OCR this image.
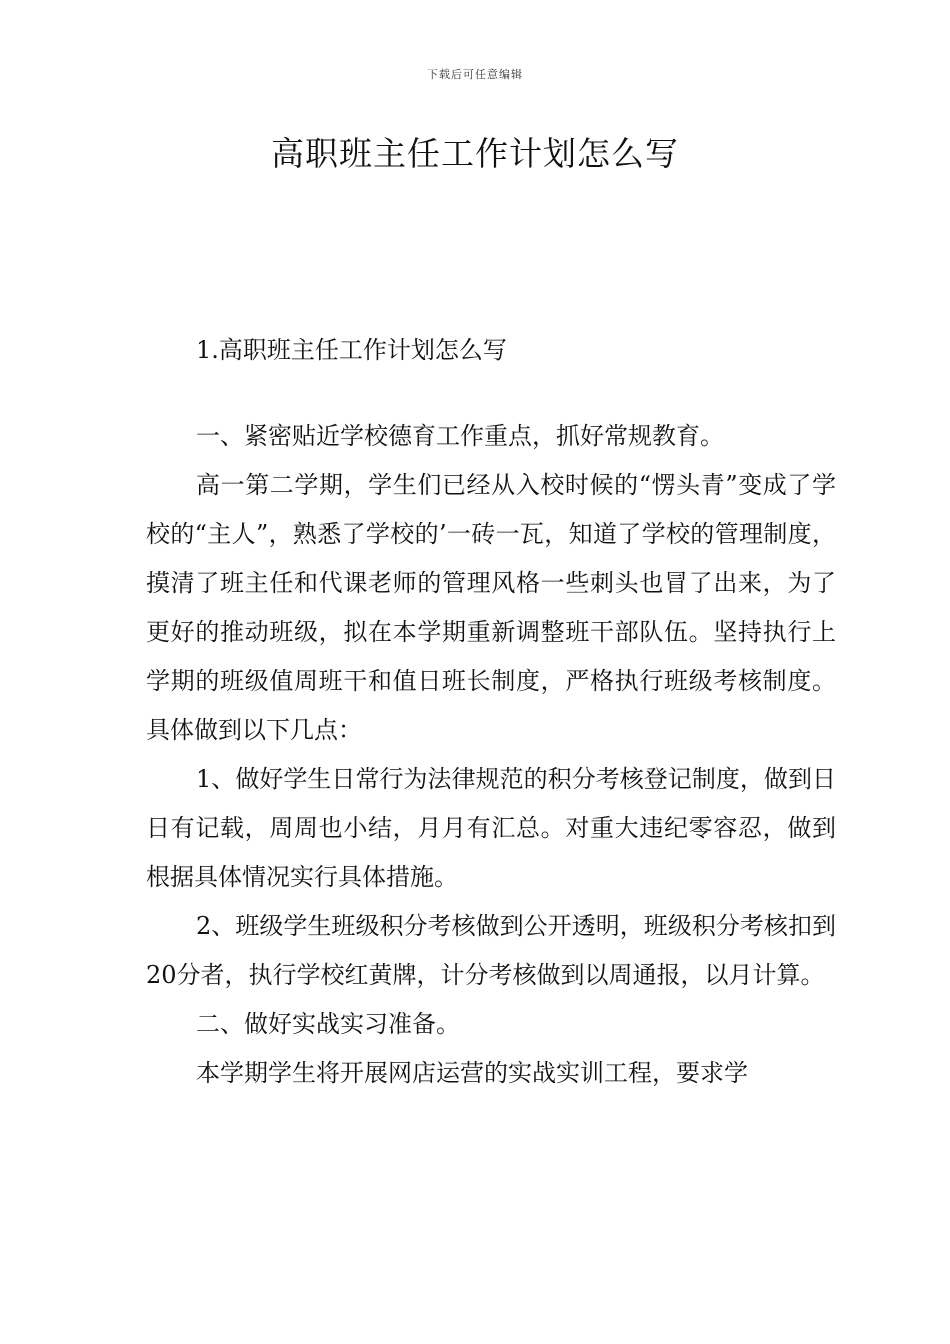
下载后可任意编辑
高职班主任工作计划怎么写

1.高职班主任工作计划怎么写

一、紧密贴近学校德育工作重点，抓好常规教育。

高一第二学期，学生们已经从入校时候的“愣头青”变成了学校的“主人”，熟悉了学校的’一砖一瓦，知道了学校的管理制度，摸清了班主任和代课老师的管理风格一些刺头也冒了出来，为了更好的推动班级，拟在本学期重新调整班干部队伍。坚持执行上学期的班级值周班干和值日班长制度，严格执行班级考核制度。具体做到以下几点：

1、做好学生日常行为法律规范的积分考核登记制度，做到日日有记载，周周也小结，月月有汇总。对重大违纪零容忍，做到根据具体情况实行具体措施。

2、班级学生班级积分考核做到公开透明，班级积分考核扣到20分者，执行学校红黄牌，计分考核做到以周通报，以月计算。

二、做好实战实习准备。

本学期学生将开展网店运营的实战实训工程，要求学
